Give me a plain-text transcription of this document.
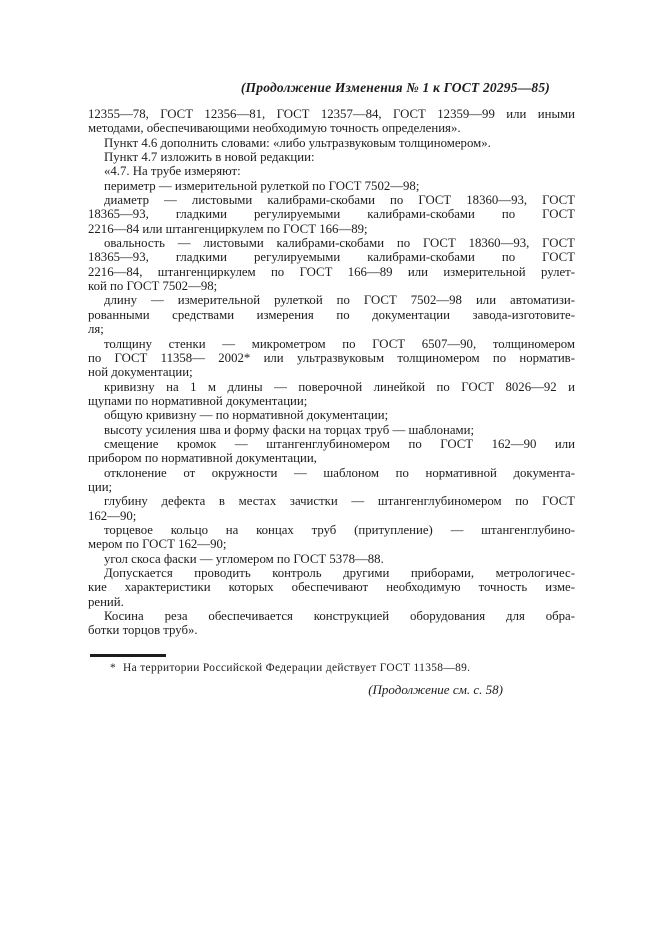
(Продолжение Изменения № 1 к ГОСТ 20295—85)
12355—78, ГОСТ 12356—81, ГОСТ 12357—84, ГОСТ 12359—99 или иными
методами, обеспечивающими необходимую точность определения».
Пункт 4.6 дополнить словами: «либо ультразвуковым толщиномером».
Пункт 4.7 изложить в новой редакции:
«4.7. На трубе измеряют:
периметр — измерительной рулеткой по ГОСТ 7502—98;
диаметр — листовыми калибрами-скобами по ГОСТ 18360—93, ГОСТ
18365—93, гладкими регулируемыми калибрами-скобами по ГОСТ
2216—84 или штангенциркулем по ГОСТ 166—89;
овальность — листовыми калибрами-скобами по ГОСТ 18360—93, ГОСТ
18365—93, гладкими регулируемыми калибрами-скобами по ГОСТ
2216—84, штангенциркулем по ГОСТ 166—89 или измерительной рулет-
кой по ГОСТ 7502—98;
длину — измерительной рулеткой по ГОСТ 7502—98 или автоматизи-
рованными средствами измерения по документации завода-изготовите-
ля;
толщину стенки — микрометром по ГОСТ 6507—90, толщиномером
по ГОСТ 11358— 2002* или ультразвуковым толщиномером по норматив-
ной документации;
кривизну на 1 м длины — поверочной линейкой по ГОСТ 8026—92 и
щупами по нормативной документации;
общую кривизну — по нормативной документации;
высоту усиления шва и форму фаски на торцах труб — шаблонами;
смещение кромок — штангенглубиномером по ГОСТ 162—90 или
прибором по нормативной документации,
отклонение от окружности — шаблоном по нормативной документа-
ции;
глубину дефекта в местах зачистки — штангенглубиномером по ГОСТ
162—90;
торцевое кольцо на концах труб (притупление) — штангенглубино-
мером по ГОСТ 162—90;
угол скоса фаски — угломером по ГОСТ 5378—88.
Допускается проводить контроль другими приборами, метрологичес-
кие характеристики которых обеспечивают необходимую точность изме-
рений.
Косина реза обеспечивается конструкцией оборудования для обра-
ботки торцов труб».
* На территории Российской Федерации действует ГОСТ 11358—89.
(Продолжение см. с. 58)
